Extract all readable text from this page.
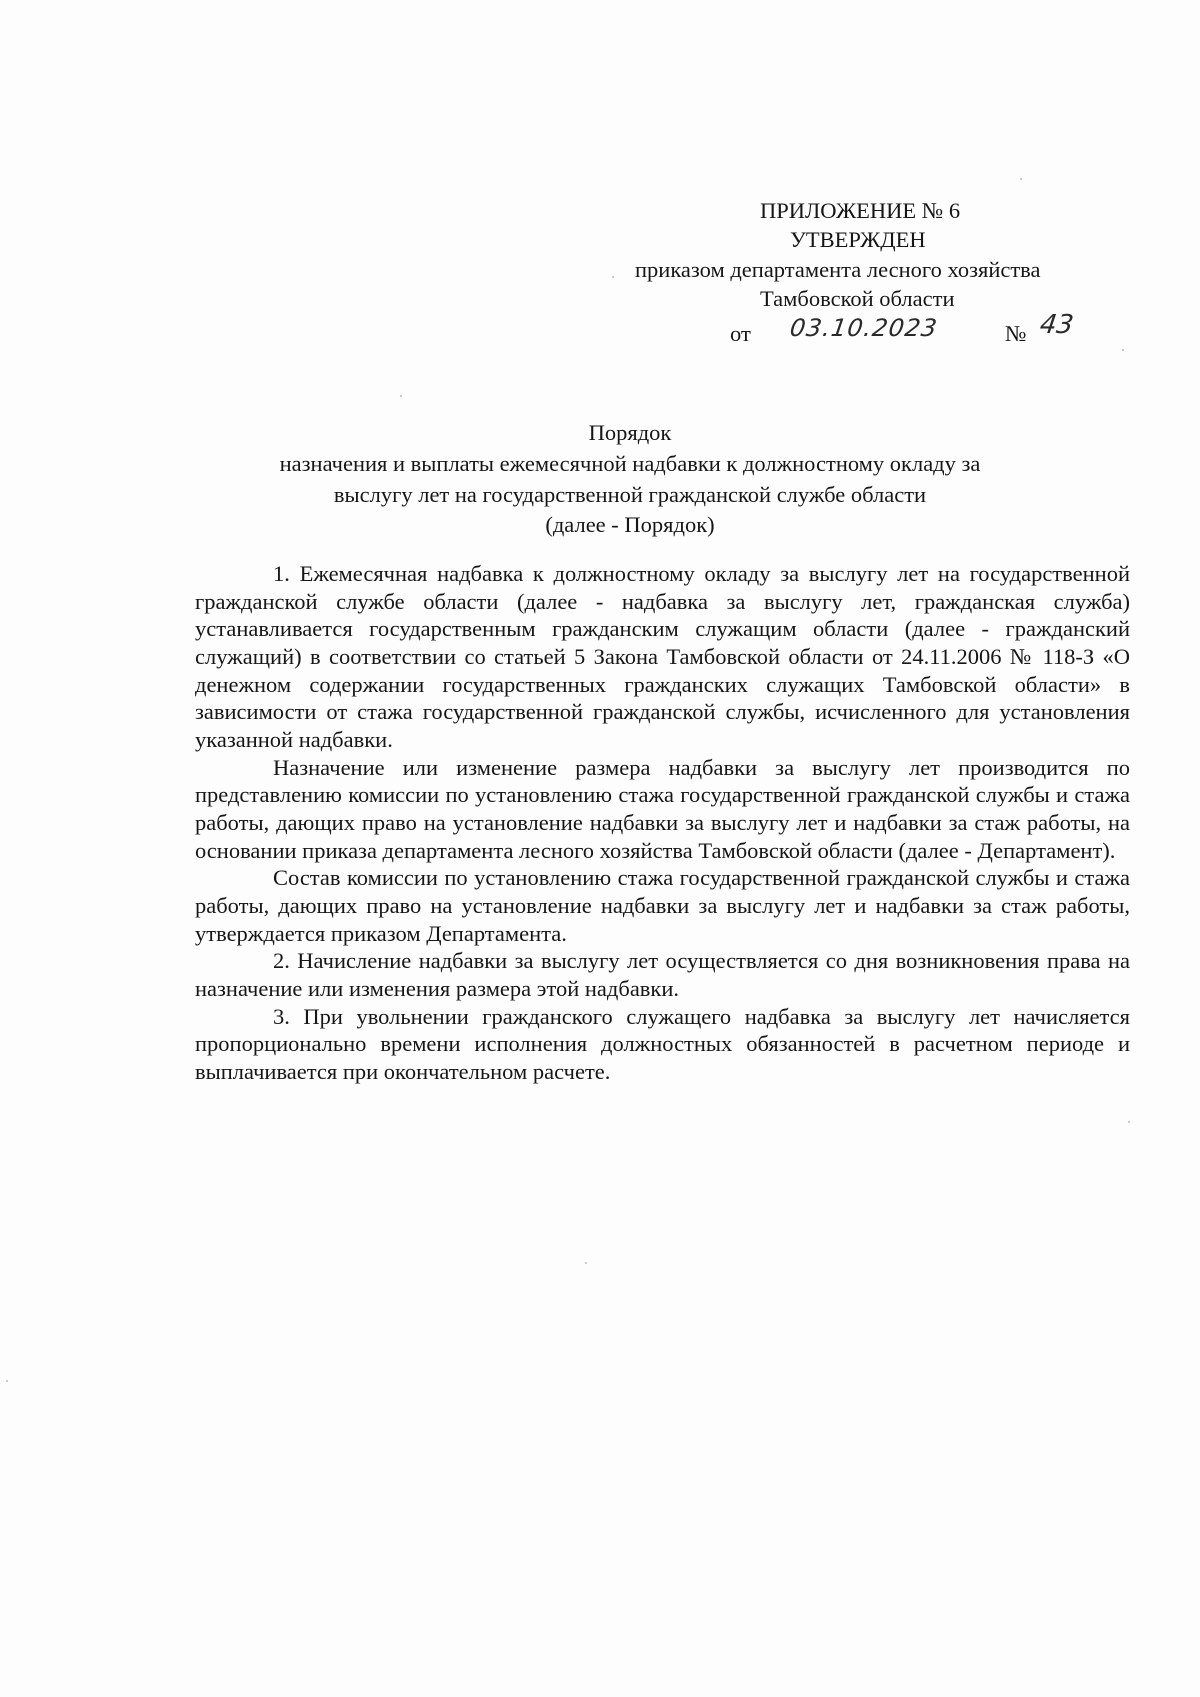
ПРИЛОЖЕНИЕ № 6
УТВЕРЖДЕН
приказом департамента лесного хозяйства
Тамбовской области
от 03.10.2023	№ 43
Порядок
назначения и выплаты ежемесячной надбавки к должностному окладу за
выслугу лет на государственной гражданской службе области
(далее - Порядок)

1. Ежемесячная надбавка к должностному окладу за выслугу лет на государственной гражданской службе области (далее - надбавка за выслугу лет, гражданская служба) устанавливается государственным гражданским служащим области (далее - гражданский служащий) в соответствии со статьей 5 Закона Тамбовской области от 24.11.2006 № 118-З «О денежном содержании государственных гражданских служащих Тамбовской области» в зависимости от стажа государственной гражданской службы, исчисленного для установления указанной надбавки.

Назначение или изменение размера надбавки за выслугу лет производится по представлению комиссии по установлению стажа государственной гражданской службы и стажа работы, дающих право на установление надбавки за выслугу лет и надбавки за стаж работы, на основании приказа департамента лесного хозяйства Тамбовской области (далее - Департамент).

Состав комиссии по установлению стажа государственной гражданской службы и стажа работы, дающих право на установление надбавки за выслугу лет и надбавки за стаж работы, утверждается приказом Департамента.

2. Начисление надбавки за выслугу лет осуществляется со дня возникновения права на назначение или изменения размера этой надбавки.

3. При увольнении гражданского служащего надбавка за выслугу лет начисляется пропорционально времени исполнения должностных обязанностей в расчетном периоде и выплачивается при окончательном расчете.
